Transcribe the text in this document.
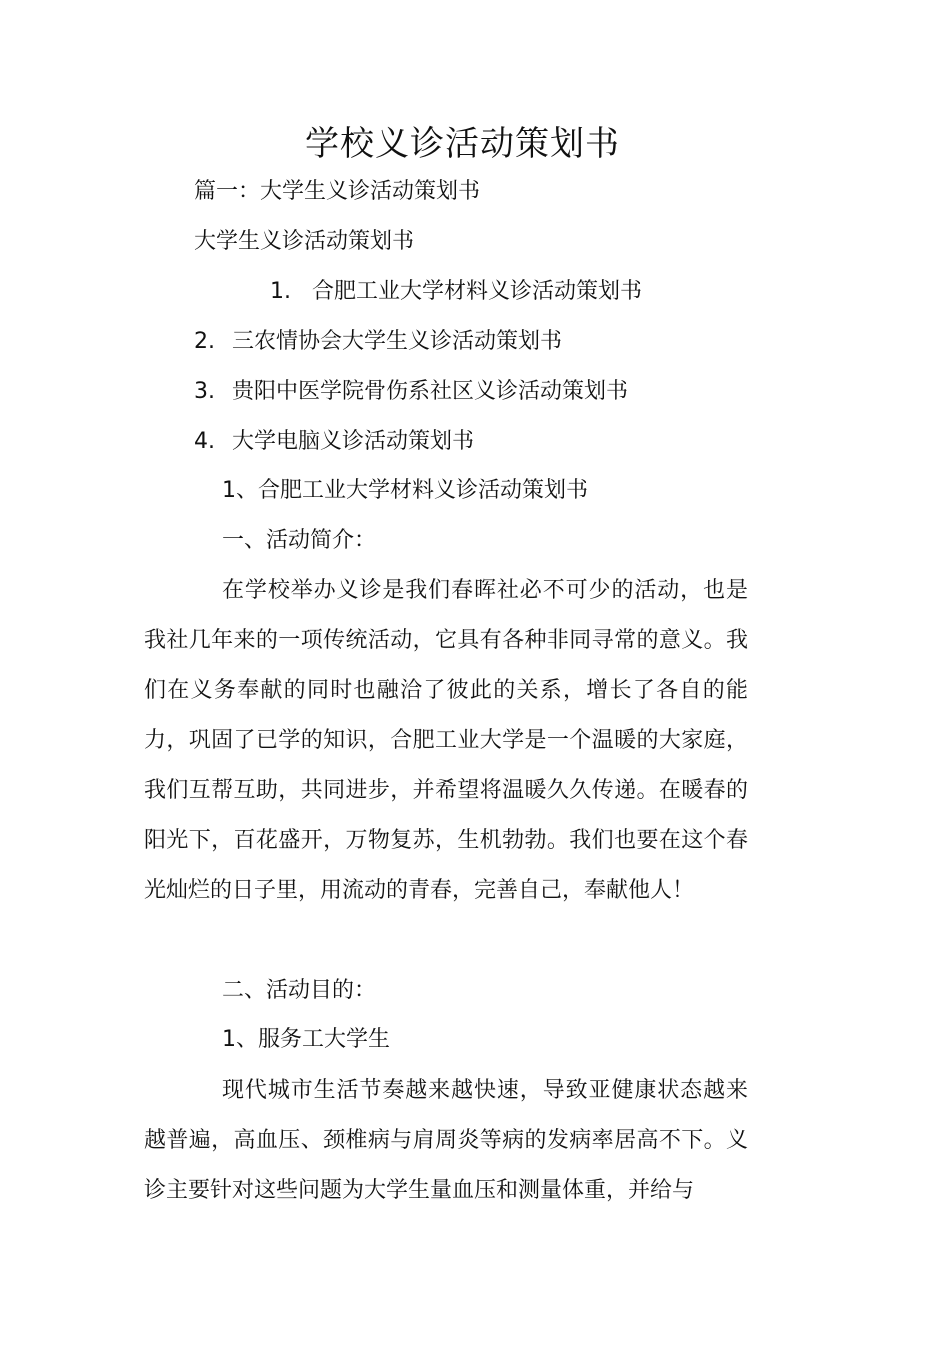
学校义诊活动策划书
篇一：大学生义诊活动策划书
大学生义诊活动策划书
1. 合肥工业大学材料义诊活动策划书
2. 三农情协会大学生义诊活动策划书
3. 贵阳中医学院骨伤系社区义诊活动策划书
4. 大学电脑义诊活动策划书
1、合肥工业大学材料义诊活动策划书
一、活动简介：

在学校举办义诊是我们春晖社必不可少的活动，也是我社几年来的一项传统活动，它具有各种非同寻常的意义。我们在义务奉献的同时也融洽了彼此的关系，增长了各自的能力，巩固了已学的知识，合肥工业大学是一个温暖的大家庭，我们互帮互助，共同进步，并希望将温暖久久传递。在暖春的阳光下，百花盛开，万物复苏，生机勃勃。我们也要在这个春光灿烂的日子里，用流动的青春，完善自己，奉献他人！

二、活动目的：
1、服务工大学生

现代城市生活节奏越来越快速，导致亚健康状态越来越普遍，高血压、颈椎病与肩周炎等病的发病率居高不下。义诊主要针对这些问题为大学生量血压和测量体重，并给与
